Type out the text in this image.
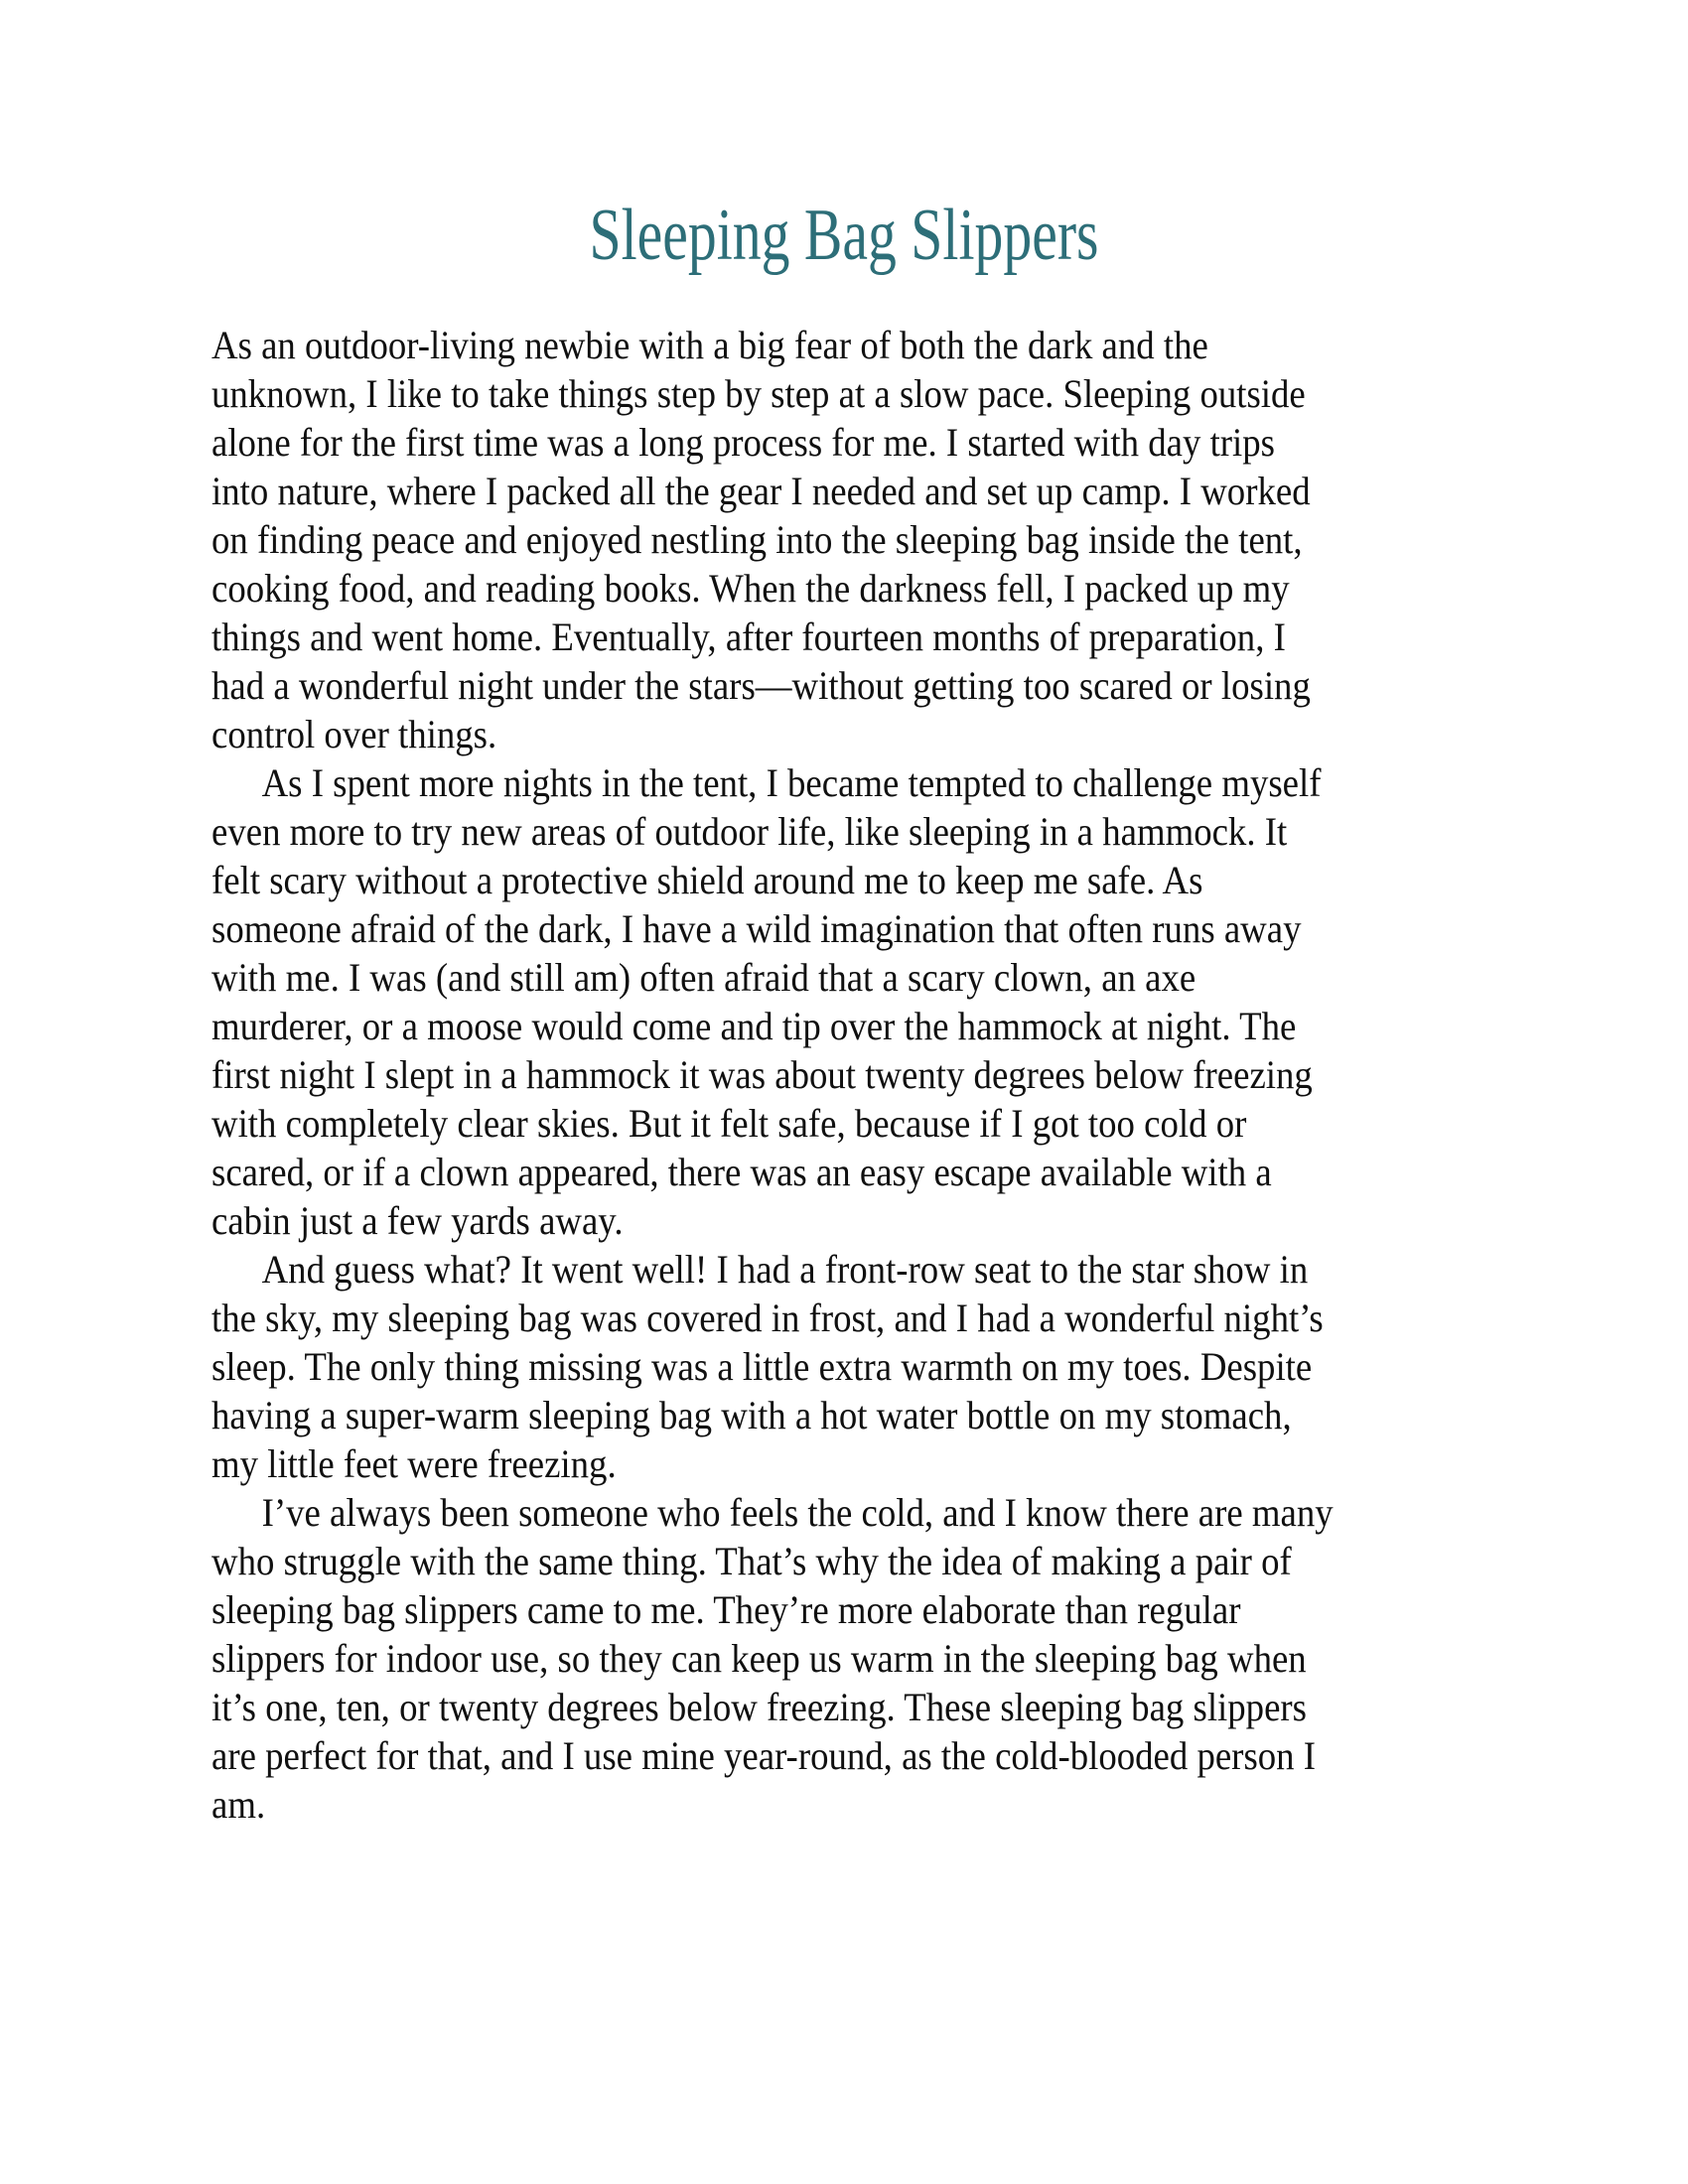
Sleeping Bag Slippers
As an outdoor-living newbie with a big fear of both the dark and the
unknown, I like to take things step by step at a slow pace. Sleeping outside
alone for the first time was a long process for me. I started with day trips
into nature, where I packed all the gear I needed and set up camp. I worked
on finding peace and enjoyed nestling into the sleeping bag inside the tent,
cooking food, and reading books. When the darkness fell, I packed up my
things and went home. Eventually, after fourteen months of preparation, I
had a wonderful night under the stars—without getting too scared or losing
control over things.
As I spent more nights in the tent, I became tempted to challenge myself
even more to try new areas of outdoor life, like sleeping in a hammock. It
felt scary without a protective shield around me to keep me safe. As
someone afraid of the dark, I have a wild imagination that often runs away
with me. I was (and still am) often afraid that a scary clown, an axe
murderer, or a moose would come and tip over the hammock at night. The
first night I slept in a hammock it was about twenty degrees below freezing
with completely clear skies. But it felt safe, because if I got too cold or
scared, or if a clown appeared, there was an easy escape available with a
cabin just a few yards away.
And guess what? It went well! I had a front-row seat to the star show in
the sky, my sleeping bag was covered in frost, and I had a wonderful night’s
sleep. The only thing missing was a little extra warmth on my toes. Despite
having a super-warm sleeping bag with a hot water bottle on my stomach,
my little feet were freezing.
I’ve always been someone who feels the cold, and I know there are many
who struggle with the same thing. That’s why the idea of making a pair of
sleeping bag slippers came to me. They’re more elaborate than regular
slippers for indoor use, so they can keep us warm in the sleeping bag when
it’s one, ten, or twenty degrees below freezing. These sleeping bag slippers
are perfect for that, and I use mine year-round, as the cold-blooded person I
am.
